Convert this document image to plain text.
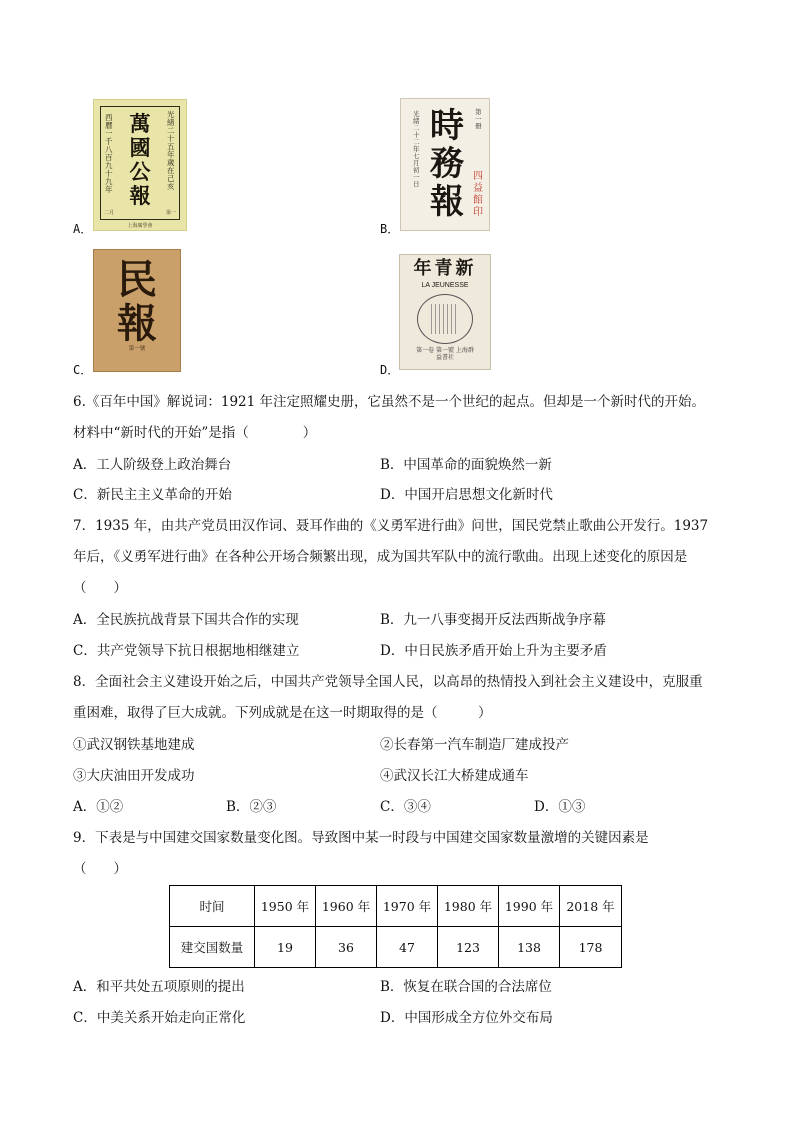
光緒二十五年歲在己亥
萬國公報
西曆一千八百九十九年
上海廣學會
二月	第一
A．
光緒二十二年七月初一日
時務報
第一冊
四益館印
B．
民報
第一號
C．
年青新
LA JEUNESSE
第一卷 第一號 上海群益書社
D．
6.《百年中国》解说词：1921 年注定照耀史册，它虽然不是一个世纪的起点。但却是一个新时代的开始。
材料中“新时代的开始”是指（　　　　）
A．工人阶级登上政治舞台	B．中国革命的面貌焕然一新
C．新民主主义革命的开始	D．中国开启思想文化新时代
7．1935 年，由共产党员田汉作词、聂耳作曲的《义勇军进行曲》问世，国民党禁止歌曲公开发行。1937
年后，《义勇军进行曲》在各种公开场合频繁出现，成为国共军队中的流行歌曲。出现上述变化的原因是
（　　）
A．全民族抗战背景下国共合作的实现	B．九一八事变揭开反法西斯战争序幕
C．共产党领导下抗日根据地相继建立	D．中日民族矛盾开始上升为主要矛盾
8．全面社会主义建设开始之后，中国共产党领导全国人民，以高昂的热情投入到社会主义建设中，克服重
重困难，取得了巨大成就。下列成就是在这一时期取得的是（　　　）
①武汉钢铁基地建成	②长春第一汽车制造厂建成投产
③大庆油田开发成功	④武汉长江大桥建成通车
A．①②	B．②③	C．③④	D．①③
9．下表是与中国建交国家数量变化图。导致图中某一时段与中国建交国家数量激增的关键因素是
（　　）
时间	1950 年	1960 年	1970 年	1980 年	1990 年	2018 年
建交国数量	19	36	47	123	138	178
A．和平共处五项原则的提出	B．恢复在联合国的合法席位
C．中美关系开始走向正常化	D．中国形成全方位外交布局
